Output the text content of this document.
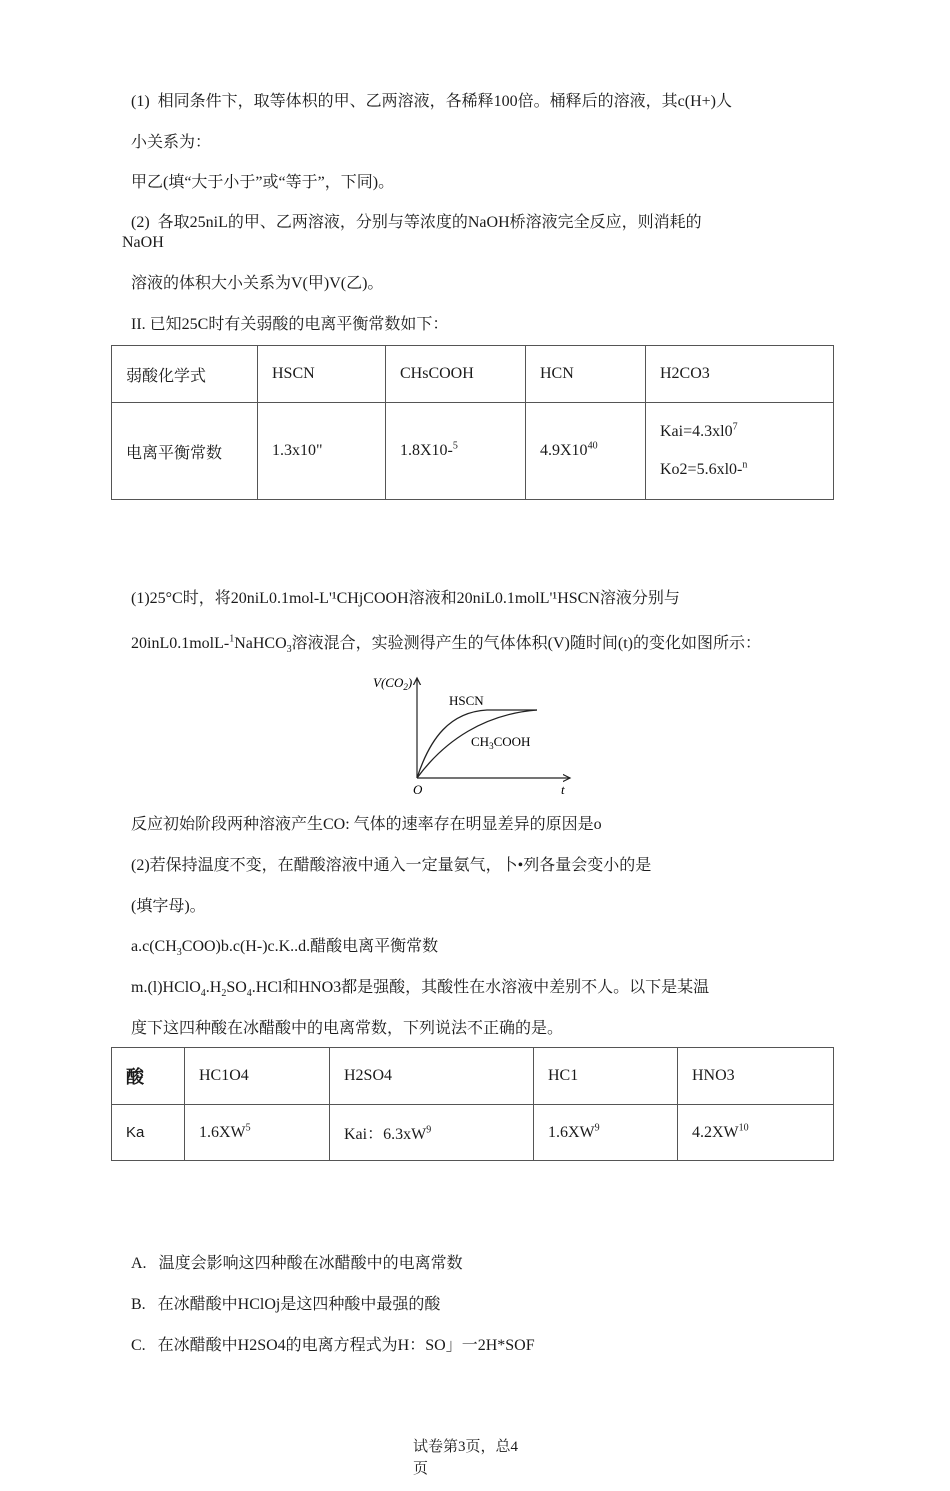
(1) 相同条件卞，取等体枳的甲、乙两溶液，各稀释100倍。桶释后的溶液，其c(H+)人
小关系为：
甲乙(填“大于小于”或“等于”，下同)。
(2) 各取25niL的甲、乙两溶液，分别与等浓度的NaOH桥溶液完全反应，则消耗的
NaOH
溶液的体积大小关系为V(甲)V(乙)。
II. 已知25C时有关弱酸的电离平衡常数如下：
弱酸化学式	HSCN	CHsCOOH	HCN	H2CO3
电离平衡常数	1.3x10"	1.8X10-$^5$	$4.9X10^{40}$	$Kai=4.3xl0^7$
Ko2=5.6xl0-$^n$
(1)25°C时，将20niL0.1mol-L'¹CHjCOOH溶液和20niL0.1molL'¹HSCN溶液分别与
20inL0.1molL-$^1$NaHCO$_3$溶液混合，实验测得产生的气体体积(V)随时间(t)的变化如图所示：
$V(CO_2)$
HSCN
$CH_3COOH$
O	t
反应初始阶段两种溶液产生CO: 气体的速率存在明显差异的原因是o
(2)若保持温度不变，在醋酸溶液中通入一定量氨气，卜•列各量会变小的是
(填字母)。
$a.c(CH_3COO)b.c(H-)c.K..d$.醋酸电离平衡常数
$m.(l)HClO_4.H_2SO_4.HCl$和HNO3都是强酸，其酸性在水溶液中差别不人。以下是某温
度下这四种酸在冰醋酸中的电离常数，下列说法不正确的是。
酸	HC1O4	H2SO4	HC1	HNO3
Ka	$1.6XW^5$	Kai：$6.3xW^9$	$1.6XW^9$	4.2XW$^{10}$
A. 温度会影响这四种酸在冰醋酸中的电离常数
B. 在冰醋酸中HClOj是这四种酸中最强的酸
C. 在冰醋酸中H2SO4的电离方程式为H：SO」一2H*SOF
试卷第3页，总4
页
